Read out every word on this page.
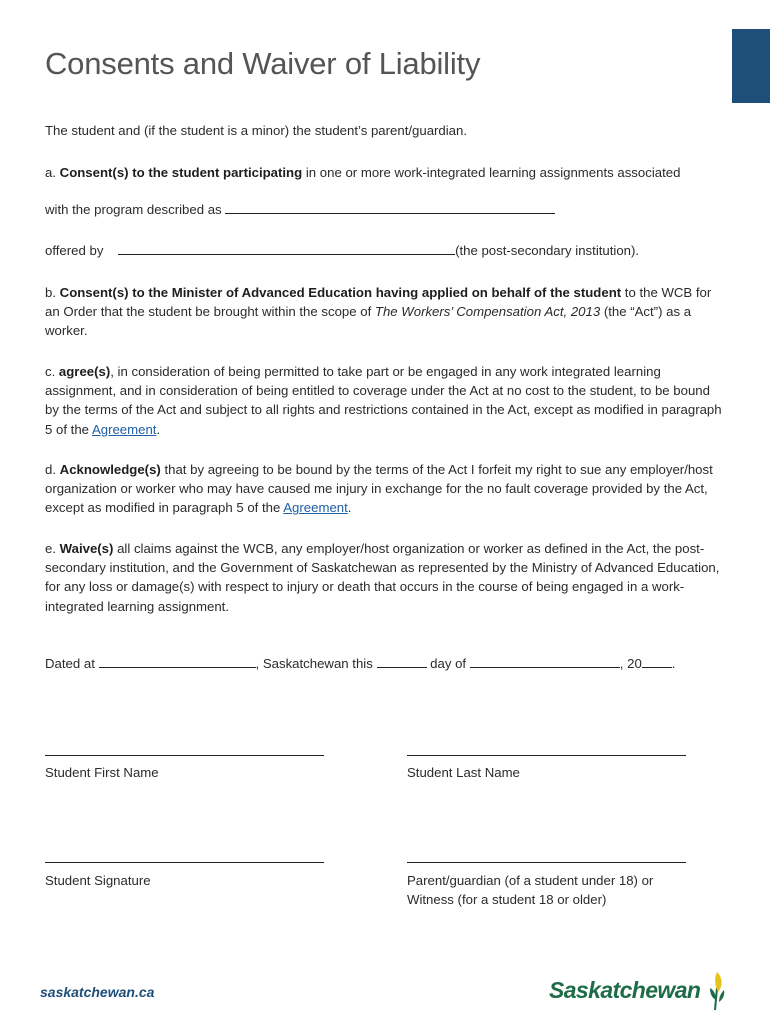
Consents and Waiver of Liability

The student and (if the student is a minor) the student’s parent/guardian.

a. Consent(s) to the student participating in one or more work-integrated learning assignments associated

with the program described as

offered by	(the post-secondary institution).

b. Consent(s) to the Minister of Advanced Education having applied on behalf of the student to the WCB for an Order that the student be brought within the scope of The Workers’ Compensation Act, 2013 (the “Act”) as a worker.

c. agree(s), in consideration of being permitted to take part or be engaged in any work integrated learning assignment, and in consideration of being entitled to coverage under the Act at no cost to the student, to be bound by the terms of the Act and subject to all rights and restrictions contained in the Act, except as modified in paragraph 5 of the Agreement.

d. Acknowledge(s) that by agreeing to be bound by the terms of the Act I forfeit my right to sue any employer/host organization or worker who may have caused me injury in exchange for the no fault coverage provided by the Act, except as modified in paragraph 5 of the Agreement.

e. Waive(s) all claims against the WCB, any employer/host organization or worker as defined in the Act, the post-secondary institution, and the Government of Saskatchewan as represented by the Ministry of Advanced Education, for any loss or damage(s) with respect to injury or death that occurs in the course of being engaged in a work-integrated learning assignment.

Dated at	, Saskatchewan this	day of	, 20 .

Student First Name	Student Last Name

Student Signature	Parent/guardian (of a student under 18) or

Witness (for a student 18 or older)

saskatchewan.ca	Saskatchewan
